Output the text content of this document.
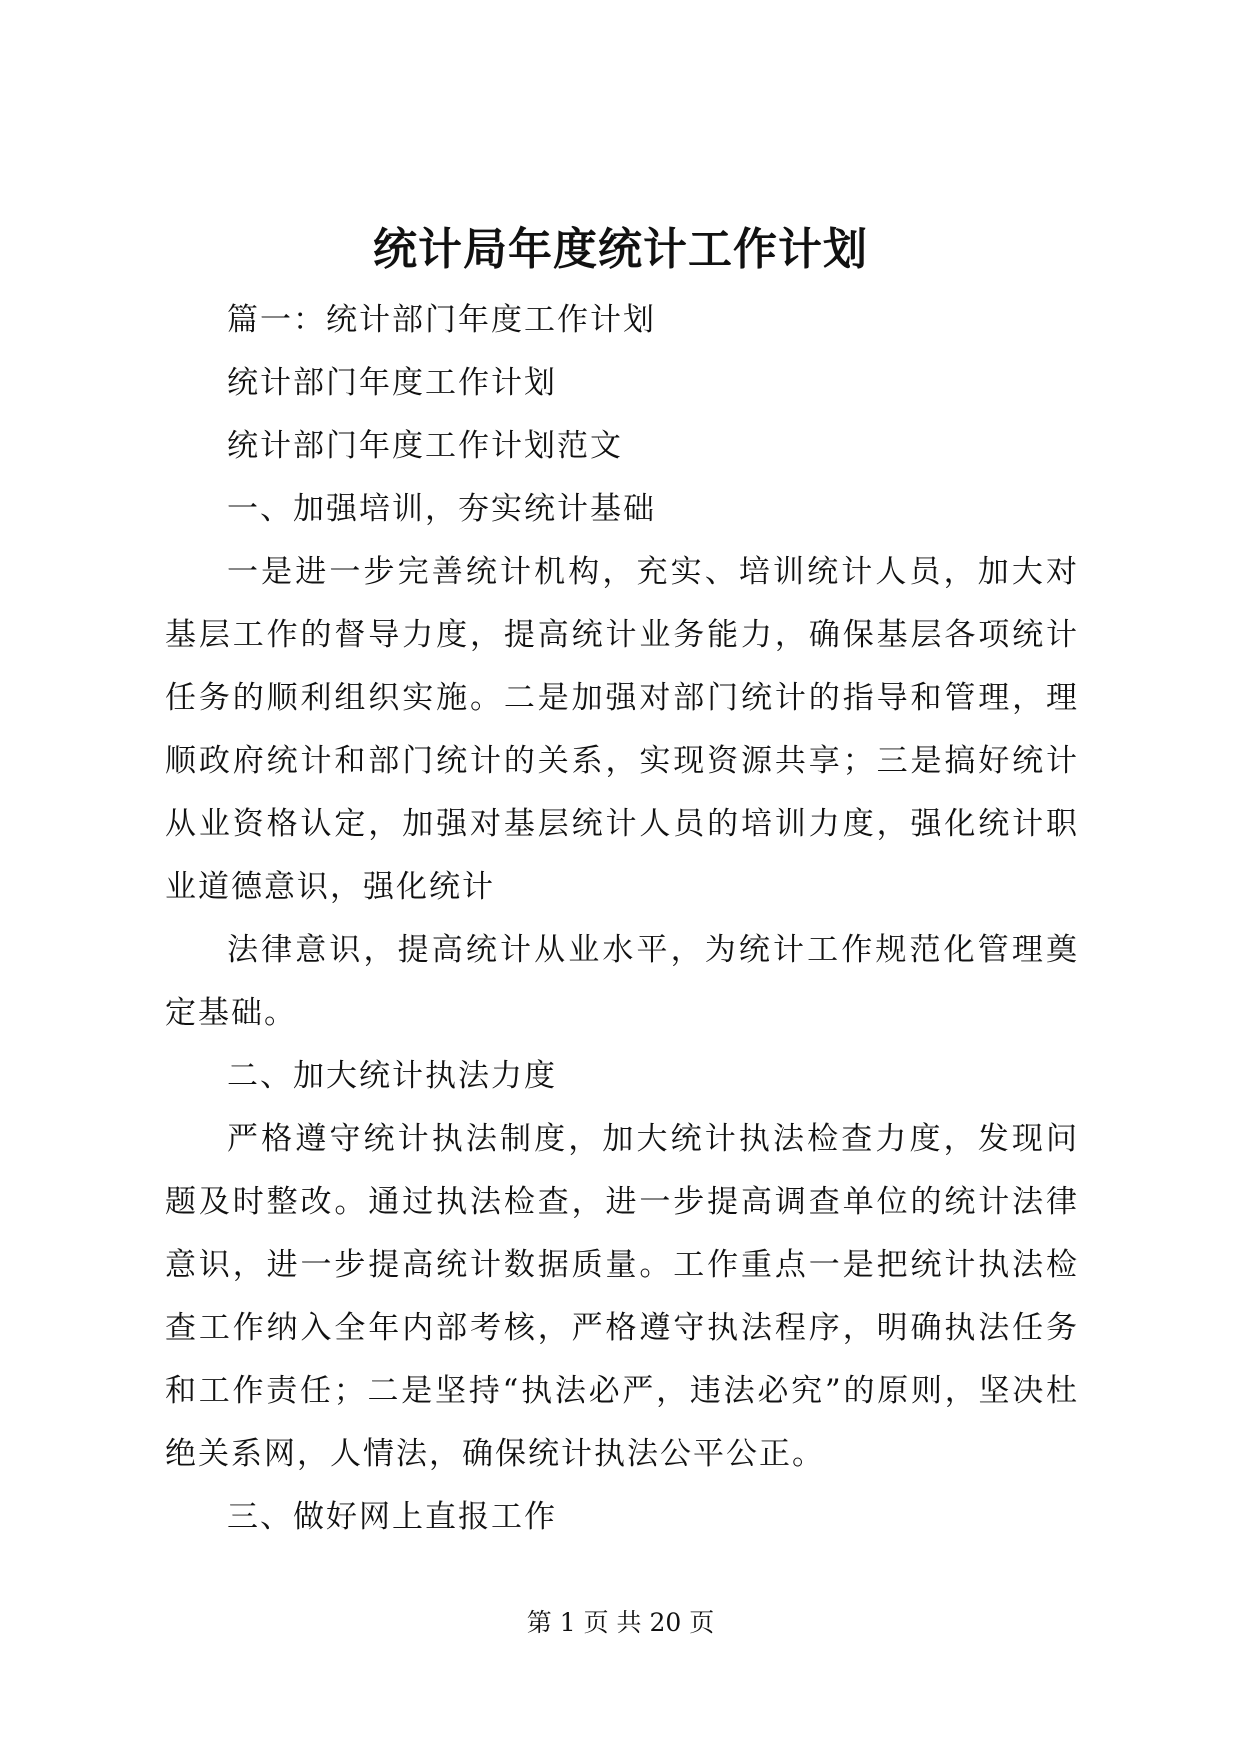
统计局年度统计工作计划

篇一：统计部门年度工作计划

统计部门年度工作计划

统计部门年度工作计划范文

一、加强培训，夯实统计基础

一是进一步完善统计机构，充实、培训统计人员，加大对基层工作的督导力度，提高统计业务能力，确保基层各项统计任务的顺利组织实施。二是加强对部门统计的指导和管理，理顺政府统计和部门统计的关系，实现资源共享；三是搞好统计从业资格认定，加强对基层统计人员的培训力度，强化统计职业道德意识，强化统计

法律意识，提高统计从业水平，为统计工作规范化管理奠定基础。

二、加大统计执法力度

严格遵守统计执法制度，加大统计执法检查力度，发现问题及时整改。通过执法检查，进一步提高调查单位的统计法律意识，进一步提高统计数据质量。工作重点一是把统计执法检查工作纳入全年内部考核，严格遵守执法程序，明确执法任务和工作责任；二是坚持“执法必严，违法必究”的原则，坚决杜绝关系网，人情法，确保统计执法公平公正。

三、做好网上直报工作

第 1 页 共 20 页
